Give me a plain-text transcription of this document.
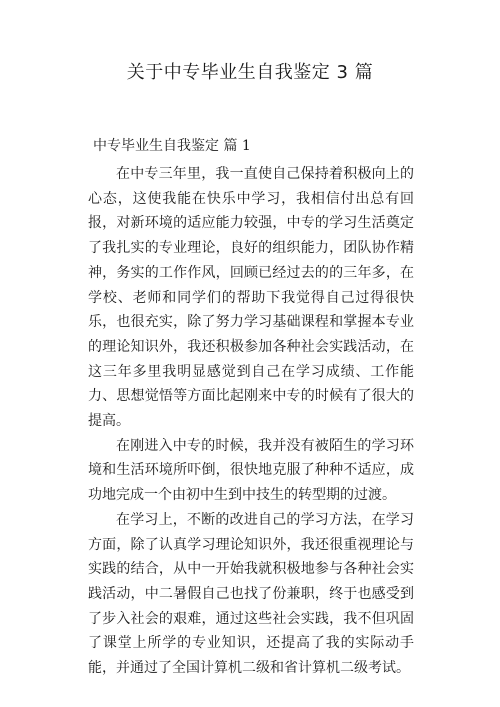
关于中专毕业生自我鉴定 3 篇
中专毕业生自我鉴定 篇 1

在中专三年里，我一直使自己保持着积极向上的心态，这使我能在快乐中学习，我相信付出总有回报，对新环境的适应能力较强，中专的学习生活奠定了我扎实的专业理论，良好的组织能力，团队协作精神，务实的工作作风，回顾已经过去的的三年多，在学校、老师和同学们的帮助下我觉得自己过得很快乐，也很充实，除了努力学习基础课程和掌握本专业的理论知识外，我还积极参加各种社会实践活动，在这三年多里我明显感觉到自己在学习成绩、工作能力、思想觉悟等方面比起刚来中专的时候有了很大的提高。

在刚进入中专的时候，我并没有被陌生的学习环境和生活环境所吓倒，很快地克服了种种不适应，成功地完成一个由初中生到中技生的转型期的过渡。

在学习上，不断的改进自己的学习方法，在学习方面，除了认真学习理论知识外，我还很重视理论与实践的结合，从中一开始我就积极地参与各种社会实践活动，中二暑假自己也找了份兼职，终于也感受到了步入社会的艰难，通过这些社会实践，我不但巩固了课堂上所学的专业知识，还提高了我的实际动手能，并通过了全国计算机二级和省计算机二级考试。
